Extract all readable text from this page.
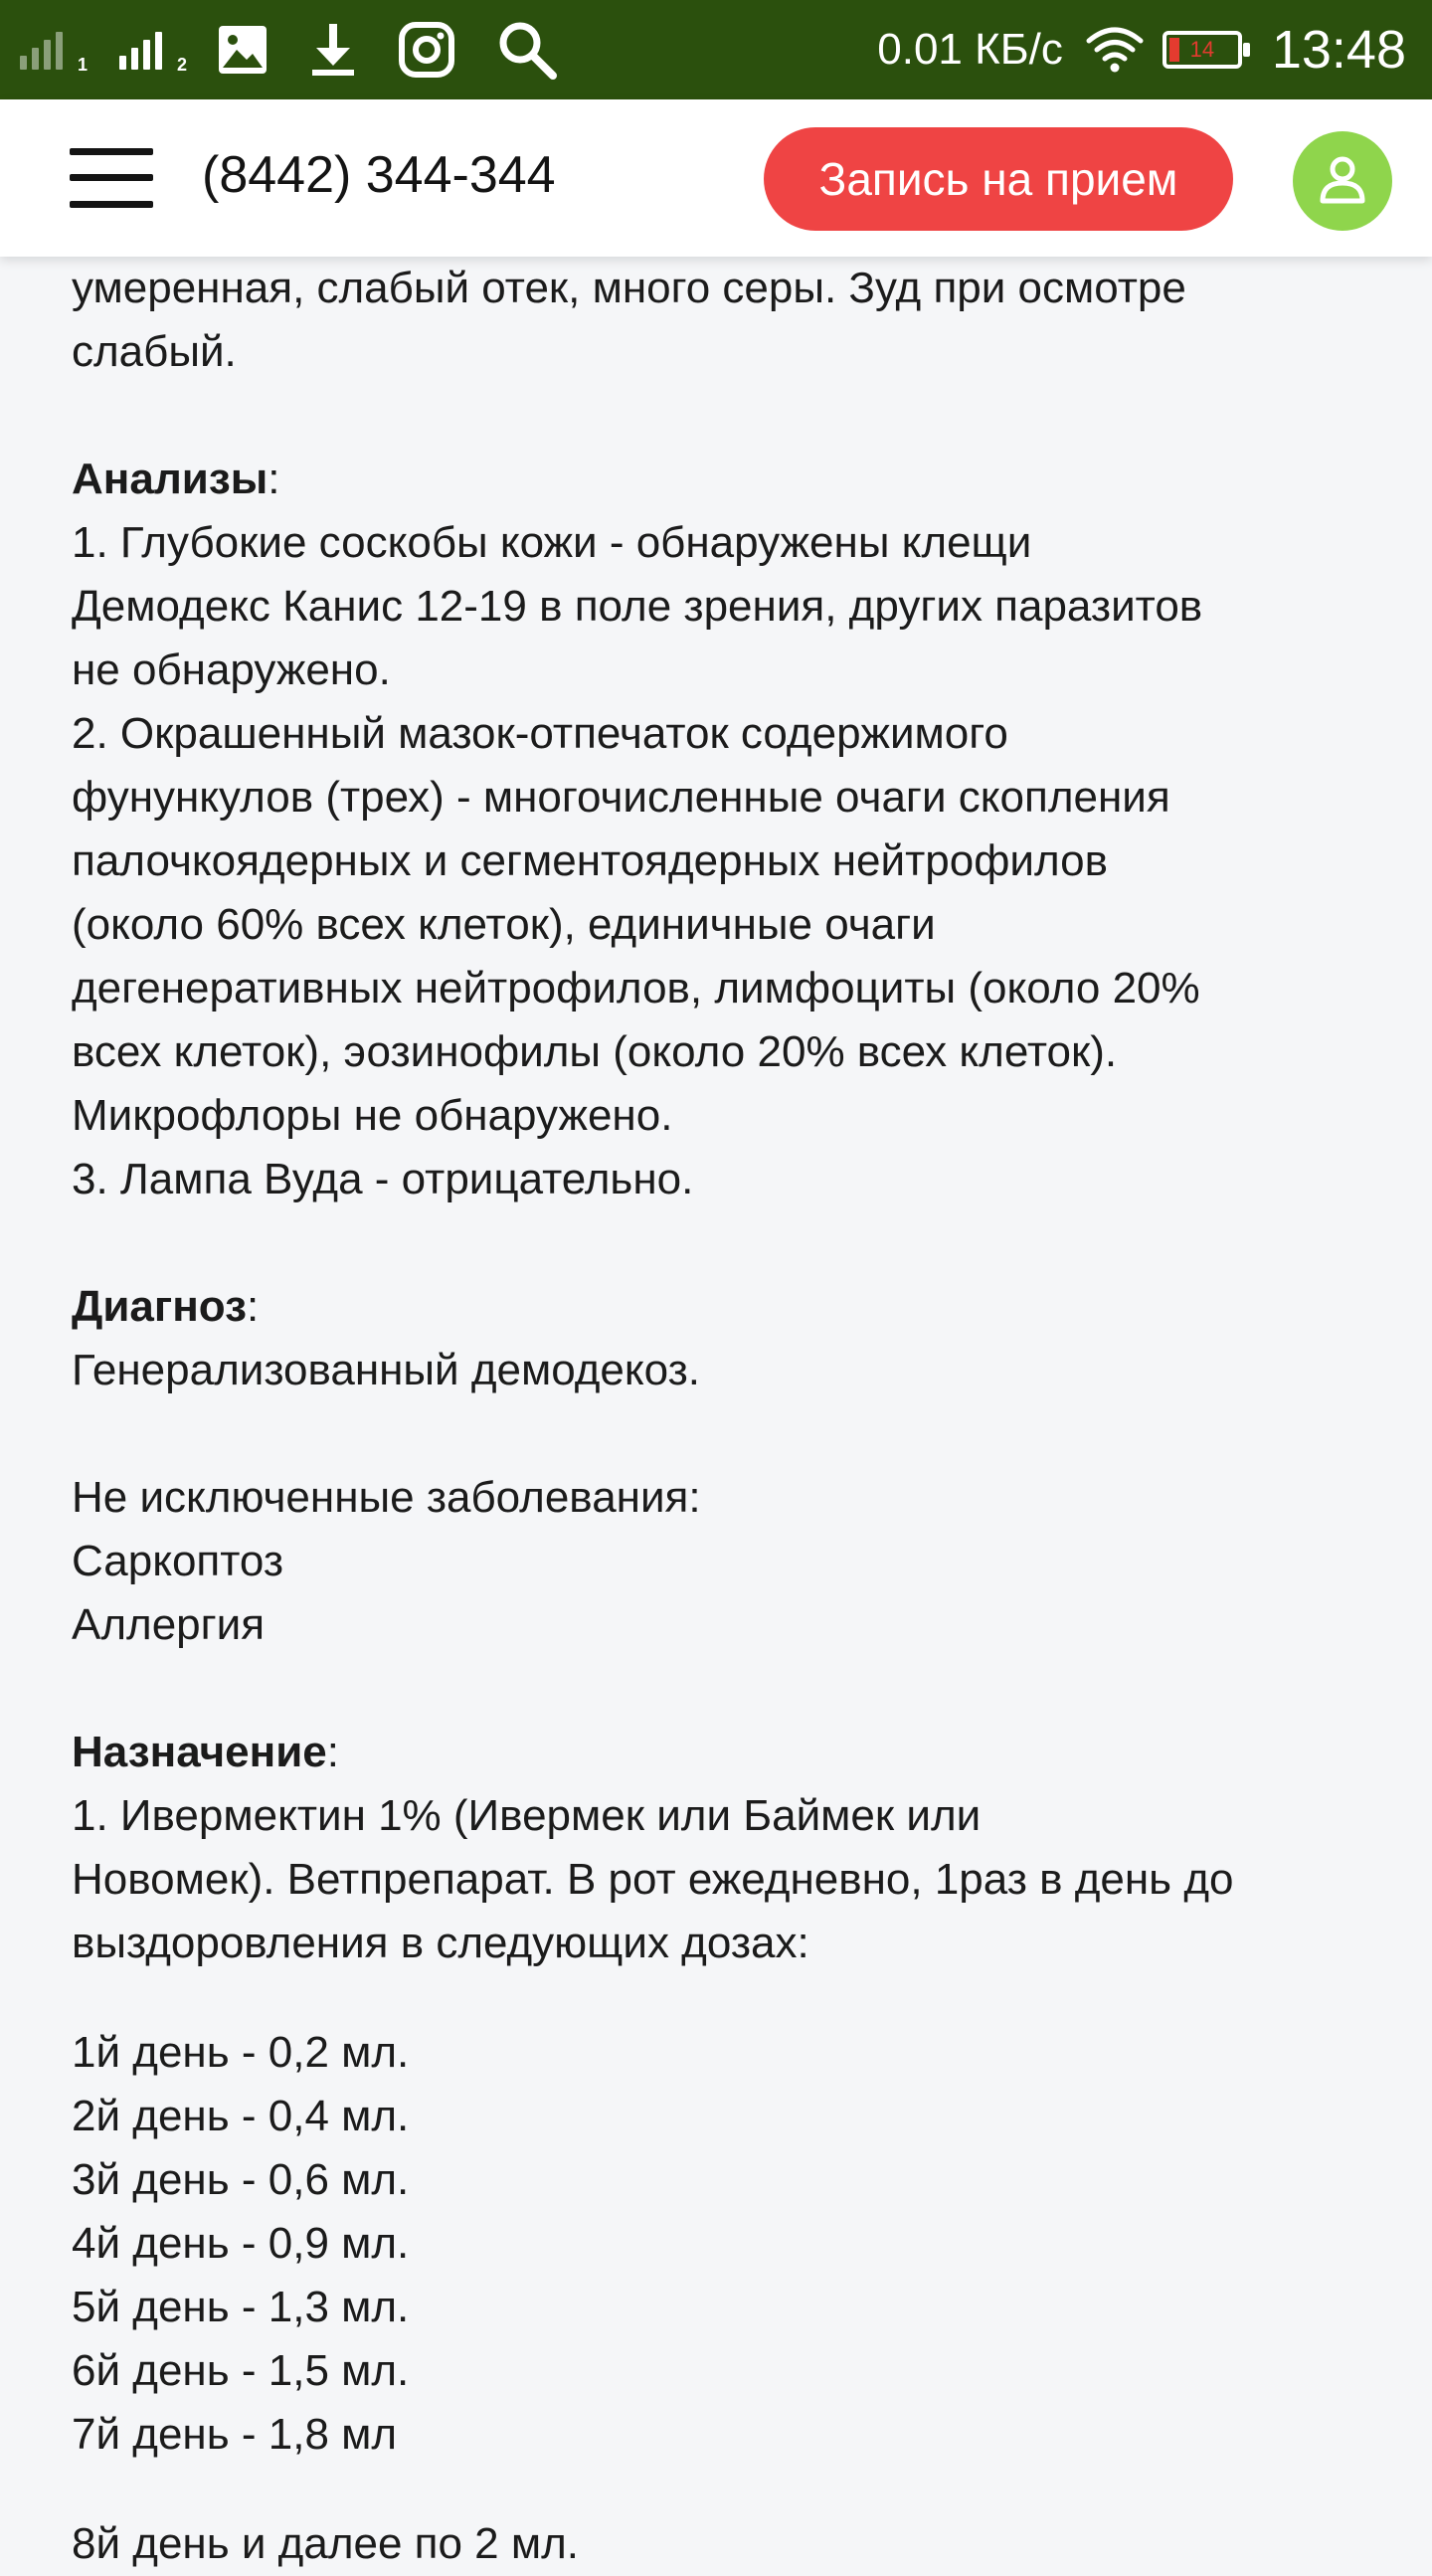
1	2	0.01 КБ/с	14	13:48
(8442) 344-344	Запись на прием
умеренная, слабый отек, много серы. Зуд при осмотре
слабый.
Анализы:
1. Глубокие соскобы кожи - обнаружены клещи
Демодекс Канис 12-19 в поле зрения, других паразитов
не обнаружено.
2. Окрашенный мазок-отпечаток содержимого
фунункулов (трех) - многочисленные очаги скопления
палочкоядерных и сегментоядерных нейтрофилов
(около 60% всех клеток), единичные очаги
дегенеративных нейтрофилов, лимфоциты (около 20%
всех клеток), эозинофилы (около 20% всех клеток).
Микрофлоры не обнаружено.
3. Лампа Вуда - отрицательно.
Диагноз:
Генерализованный демодекоз.
Не исключенные заболевания:
Саркоптоз
Аллергия
Назначение:
1. Ивермектин 1% (Ивермек или Баймек или
Новомек). Ветпрепарат. В рот ежедневно, 1раз в день до
выздоровления в следующих дозах:
1й день - 0,2 мл.
2й день - 0,4 мл.
3й день - 0,6 мл.
4й день - 0,9 мл.
5й день - 1,3 мл.
6й день - 1,5 мл.
7й день - 1,8 мл
8й день и далее по 2 мл.
